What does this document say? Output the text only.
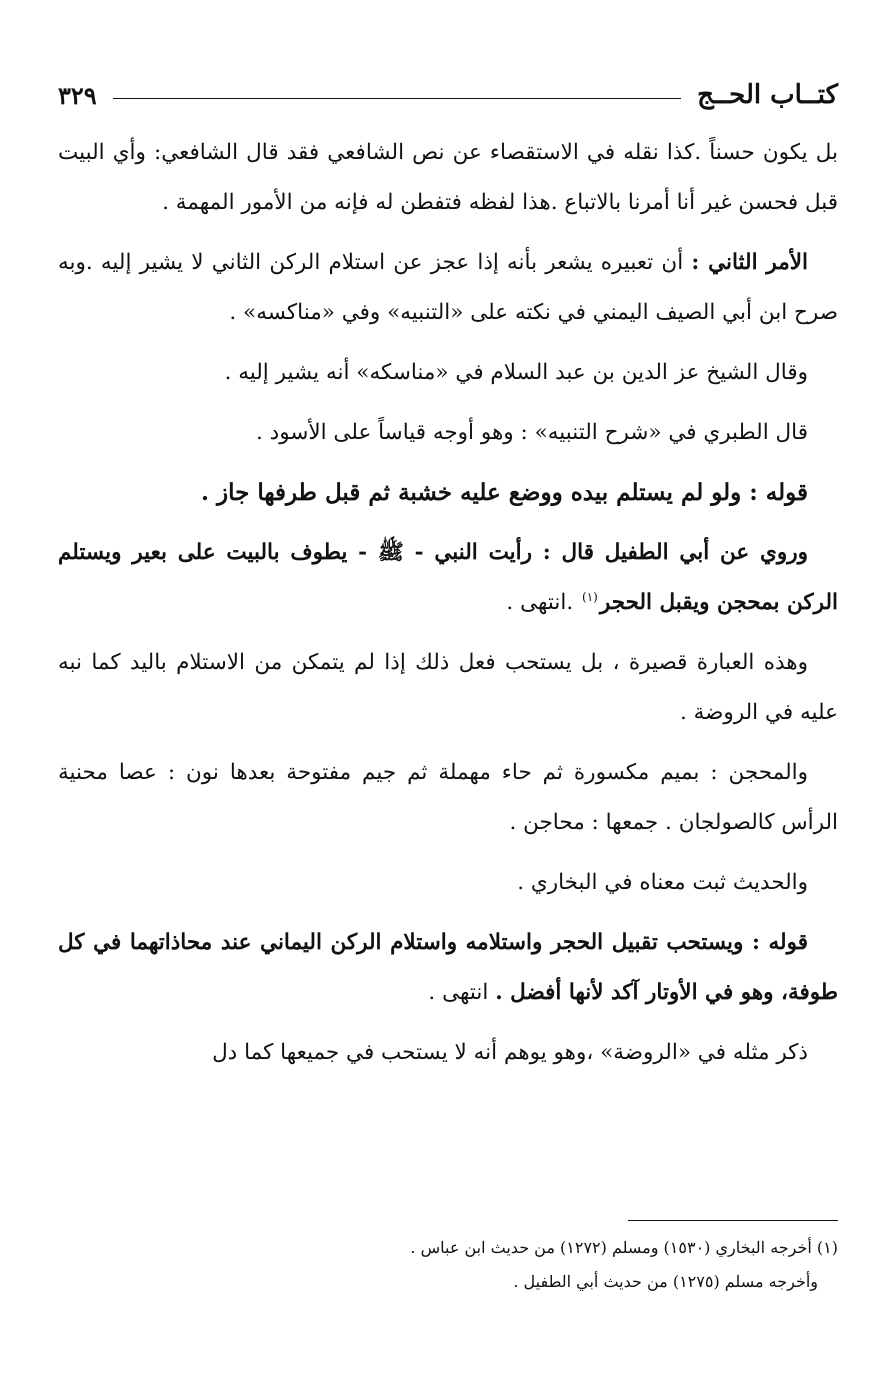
كتــاب الحــج
٣٢٩

بل يكون حسناً .كذا نقله في الاستقصاء عن نص الشافعي فقد قال الشافعي: وأي البيت قبل فحسن غير أنا أمرنا بالاتباع .هذا لفظه فتفطن له فإنه من الأمور المهمة .

الأمر الثاني : أن تعبيره يشعر بأنه إذا عجز عن استلام الركن الثاني لا يشير إليه .وبه صرح ابن أبي الصيف اليمني في نكته على «التنبيه» وفي «مناكسه» .

وقال الشيخ عز الدين بن عبد السلام في «مناسكه» أنه يشير إليه .

قال الطبري في «شرح التنبيه» : وهو أوجه قياساً على الأسود .

قوله : ولو لم يستلم بيده ووضع عليه خشبة ثم قبل طرفها جاز .

وروي عن أبي الطفيل قال : رأيت النبي - ﷺ - يطوف بالبيت على بعير ويستلم الركن بمحجن ويقبل الحجر$^{(١)}$ .انتهى .

وهذه العبارة قصيرة ، بل يستحب فعل ذلك إذا لم يتمكن من الاستلام باليد كما نبه عليه في الروضة .

والمحجن : بميم مكسورة ثم حاء مهملة ثم جيم مفتوحة بعدها نون : عصا محنية الرأس كالصولجان . جمعها : محاجن .

والحديث ثبت معناه في البخاري .

قوله : ويستحب تقبيل الحجر واستلامه واستلام الركن اليماني عند محاذاتهما في كل طوفة، وهو في الأوتار آكد لأنها أفضل . انتهى .

ذكر مثله في «الروضة» ،وهو يوهم أنه لا يستحب في جميعها كما دل

(١) أخرجه البخاري (١٥٣٠) ومسلم (١٢٧٢) من حديث ابن عباس .

وأخرجه مسلم (١٢٧٥) من حديث أبي الطفيل .
